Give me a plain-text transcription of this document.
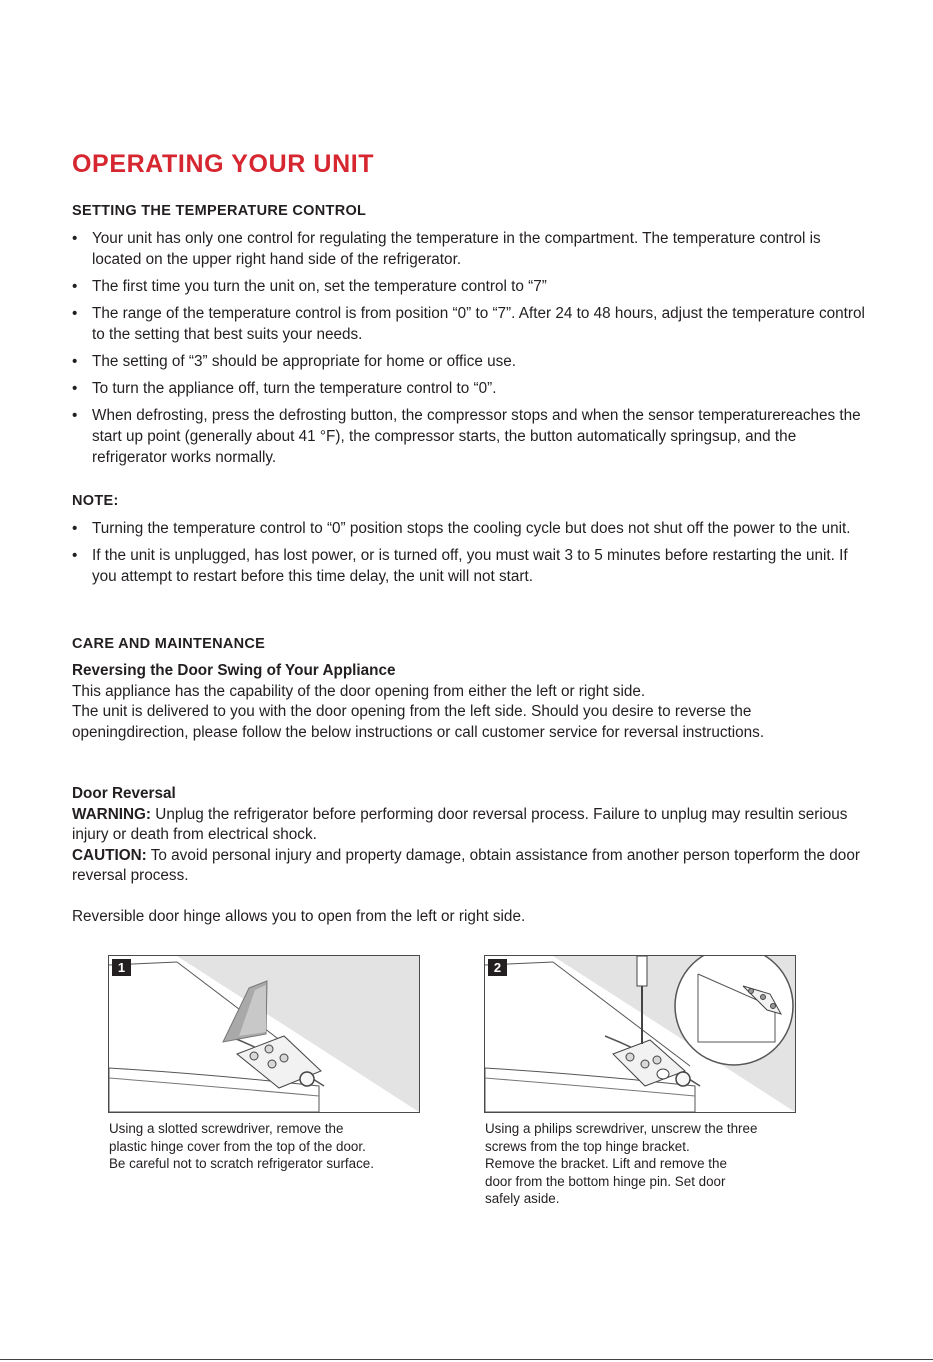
OPERATING YOUR UNIT
SETTING THE TEMPERATURE CONTROL
• Your unit has only one control for regulating the temperature in the compartment. The temperature control is located on the upper right hand side of the refrigerator.
• The first time you turn the unit on, set the temperature control to “7”
• The range of the temperature control is from position “0” to “7”. After 24 to 48 hours, adjust the temperature control to the setting that best suits your needs.
• The setting of “3” should be appropriate for home or office use.
• To turn the appliance off, turn the temperature control to “0”.
• When defrosting, press the defrosting button, the compressor stops and when the sensor temperaturereaches the start up point (generally about 41 °F), the compressor starts, the button automatically springsup, and the refrigerator works normally.
NOTE:
• Turning the temperature control to “0” position stops the cooling cycle but does not shut off the power to the unit.
• If the unit is unplugged, has lost power, or is turned off, you must wait 3 to 5 minutes before restarting the unit. If you attempt to restart before this time delay, the unit will not start.
CARE AND MAINTENANCE
Reversing the Door Swing of Your Appliance
This appliance has the capability of the door opening from either the left or right side.
The unit is delivered to you with the door opening from the left side. Should you desire to reverse the openingdirection, please follow the below instructions or call customer service for reversal instructions.
Door Reversal
WARNING: Unplug the refrigerator before performing door reversal process. Failure to unplug may resultin serious injury or death from electrical shock.
CAUTION: To avoid personal injury and property damage, obtain assistance from another person toperform the door reversal process.
Reversible door hinge allows you to open from the left or right side.
1	2
Using a slotted screwdriver, remove the
plastic hinge cover from the top of the door.
Be careful not to scratch refrigerator surface.
Using a philips screwdriver, unscrew the three
screws from the top hinge bracket.
Remove the bracket. Lift and remove the
door from the bottom hinge pin. Set door
safely aside.
